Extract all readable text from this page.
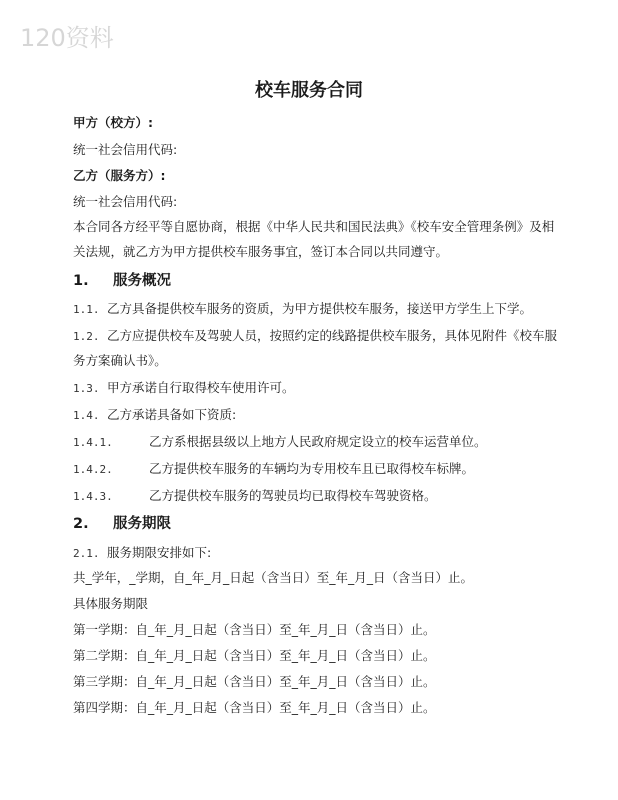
120资料
校车服务合同
甲方（校方）:
统一社会信用代码:
乙方（服务方）:
统一社会信用代码:
本合同各方经平等自愿协商，根据《中华人民共和国民法典》《校车安全管理条例》及相
关法规，就乙方为甲方提供校车服务事宜，签订本合同以共同遵守。
1. 服务概况
1.1. 乙方具备提供校车服务的资质，为甲方提供校车服务，接送甲方学生上下学。
1.2. 乙方应提供校车及驾驶人员，按照约定的线路提供校车服务，具体见附件《校车服
务方案确认书》。
1.3. 甲方承诺自行取得校车使用许可。
1.4. 乙方承诺具备如下资质:
1.4.1.	乙方系根据县级以上地方人民政府规定设立的校车运营单位。
1.4.2.	乙方提供校车服务的车辆均为专用校车且已取得校车标牌。
1.4.3.	乙方提供校车服务的驾驶员均已取得校车驾驶资格。
2. 服务期限
2.1. 服务期限安排如下:
共_学年，_学期，自_年_月_日起（含当日）至_年_月_日（含当日）止。
具体服务期限
第一学期：自_年_月_日起（含当日）至_年_月_日（含当日）止。
第二学期：自_年_月_日起（含当日）至_年_月_日（含当日）止。
第三学期：自_年_月_日起（含当日）至_年_月_日（含当日）止。
第四学期：自_年_月_日起（含当日）至_年_月_日（含当日）止。
